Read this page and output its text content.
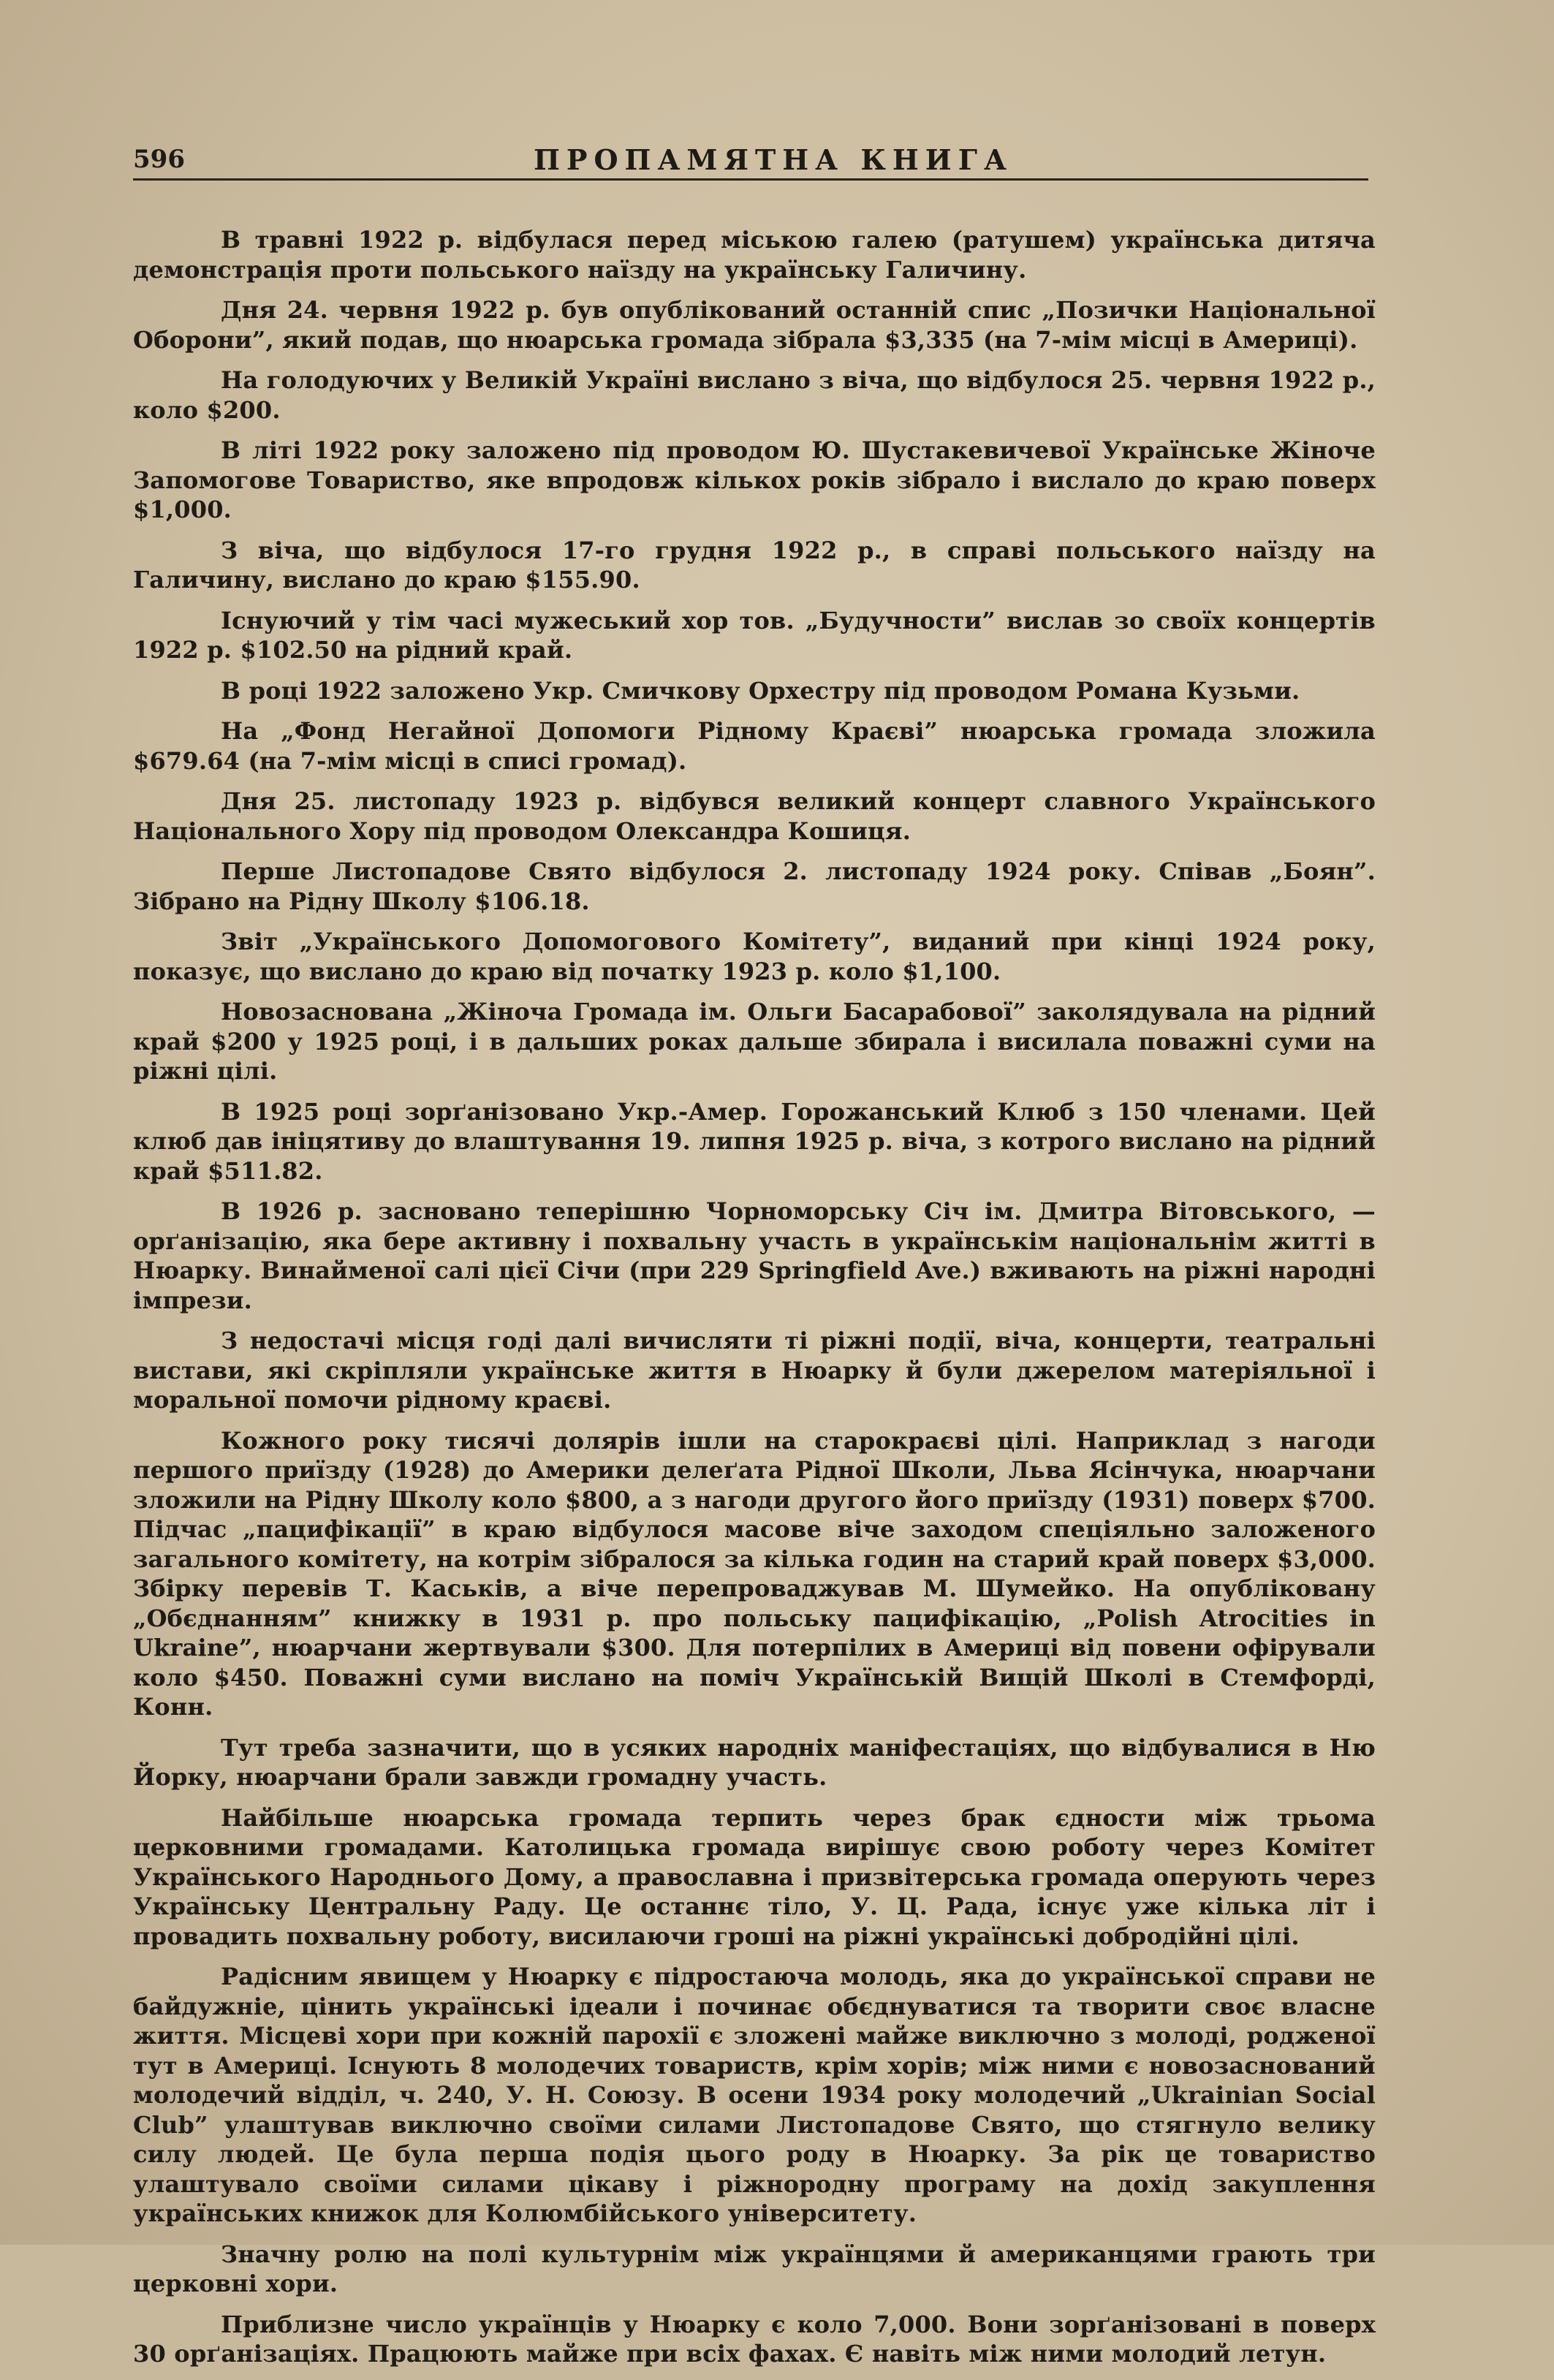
596	ПРОПАМЯТНА КНИГА

В травні 1922 р. відбулася перед міською галею (ратушем) українська дитяча демонстрація проти польського наїзду на українську Галичину.

Дня 24. червня 1922 р. був опублікований останній спис „Позички Національної Оборони”, який подав, що нюарська громада зібрала $3,335 (на 7-мім місці в Америці).

На голодуючих у Великій Україні вислано з віча, що відбулося 25. червня 1922 р., коло $200.

В літі 1922 року заложено під проводом Ю. Шустакевичевої Українське Жіноче Запомогове Товариство, яке впродовж кількох років зібрало і вислало до краю поверх $1,000.

З віча, що відбулося 17-го грудня 1922 р., в справі польського наїзду на Галичину, вислано до краю $155.90.

Існуючий у тім часі мужеський хор тов. „Будучности” вислав зо своїх концертів 1922 р. $102.50 на рідний край.

В році 1922 заложено Укр. Смичкову Орхестру під проводом Романа Кузьми.

На „Фонд Негайної Допомоги Рідному Краєві” нюарська громада зложила $679.64 (на 7-мім місці в списі громад).

Дня 25. листопаду 1923 р. відбувся великий концерт славного Українського Національного Хору під проводом Олександра Кошиця.

Перше Листопадове Свято відбулося 2. листопаду 1924 року. Співав „Боян”. Зібрано на Рідну Школу $106.18.

Звіт „Українського Допомогового Комітету”, виданий при кінці 1924 року, показує, що вислано до краю від початку 1923 р. коло $1,100.

Новозаснована „Жіноча Громада ім. Ольги Басарабової” заколядувала на рідний край $200 у 1925 році, і в дальших роках дальше збирала і висилала поважні суми на ріжні цілі.

В 1925 році зорґанізовано Укр.-Амер. Горожанський Клюб з 150 членами. Цей клюб дав ініцятиву до влаштування 19. липня 1925 р. віча, з котрого вислано на рідний край $511.82.

В 1926 р. засновано теперішню Чорноморську Січ ім. Дмитра Вітовського, — орґанізацію, яка бере активну і похвальну участь в українськім національнім житті в Нюарку. Винайменої салі цієї Січи (при 229 Springfield Ave.) вживають на ріжні народні імпрези.

З недостачі місця годі далі вичисляти ті ріжні події, віча, концерти, театральні вистави, які скріпляли українське життя в Нюарку й були джерелом матеріяльної і моральної помочи рідному краєві.

Кожного року тисячі долярів ішли на старокраєві цілі. Наприклад з нагоди першого приїзду (1928) до Америки делеґата Рідної Школи, Льва Ясінчука, нюарчани зложили на Рідну Школу коло $800, а з нагоди другого його приїзду (1931) поверх $700. Підчас „пацифікації” в краю відбулося масове віче заходом спеціяльно заложеного загального комітету, на котрім зібралося за кілька годин на старий край поверх $3,000. Збірку перевів Т. Каськів, а віче перепроваджував М. Шумейко. На опубліковану „Обєднанням” книжку в 1931 р. про польську пацифікацію, „Polish Atrocities in Ukraine”, нюарчани жертвували $300. Для потерпілих в Америці від повени офірували коло $450. Поважні суми вислано на поміч Українській Вищій Школі в Стемфорді, Конн.

Тут треба зазначити, що в усяких народніх маніфестаціях, що відбувалися в Ню Йорку, нюарчани брали завжди громадну участь.

Найбільше нюарська громада терпить через брак єдности між трьома церковними громадами. Католицька громада вирішує свою роботу через Комітет Українського Народнього Дому, а православна і призвітерська громада оперують через Українську Центральну Раду. Це останнє тіло, У. Ц. Рада, існує уже кілька літ і провадить похвальну роботу, висилаючи гроші на ріжні українські добродійні цілі.

Радісним явищем у Нюарку є підростаюча молодь, яка до української справи не байдужніе, цінить українські ідеали і починає обєднуватися та творити своє власне життя. Місцеві хори при кожній парохії є зложені майже виключно з молоді, родженої тут в Америці. Існують 8 молодечих товариств, крім хорів; між ними є новозаснований молодечий відділ, ч. 240, У. Н. Союзу. В осени 1934 року молодечий „Ukrainian Social Club” улаштував виключно своїми силами Листопадове Свято, що стягнуло велику силу людей. Це була перша подія цього роду в Нюарку. За рік це товариство улаштувало своїми силами цікаву і ріжнородну програму на дохід закуплення українських книжок для Колюмбійського університету.

Значну ролю на полі культурнім між українцями й американцями грають три церковні хори.

Приблизне число українців у Нюарку є коло 7,000. Вони зорґанізовані в поверх 30 орґанізаціях. Працюють майже при всіх фахах. Є навіть між ними молодий летун.
